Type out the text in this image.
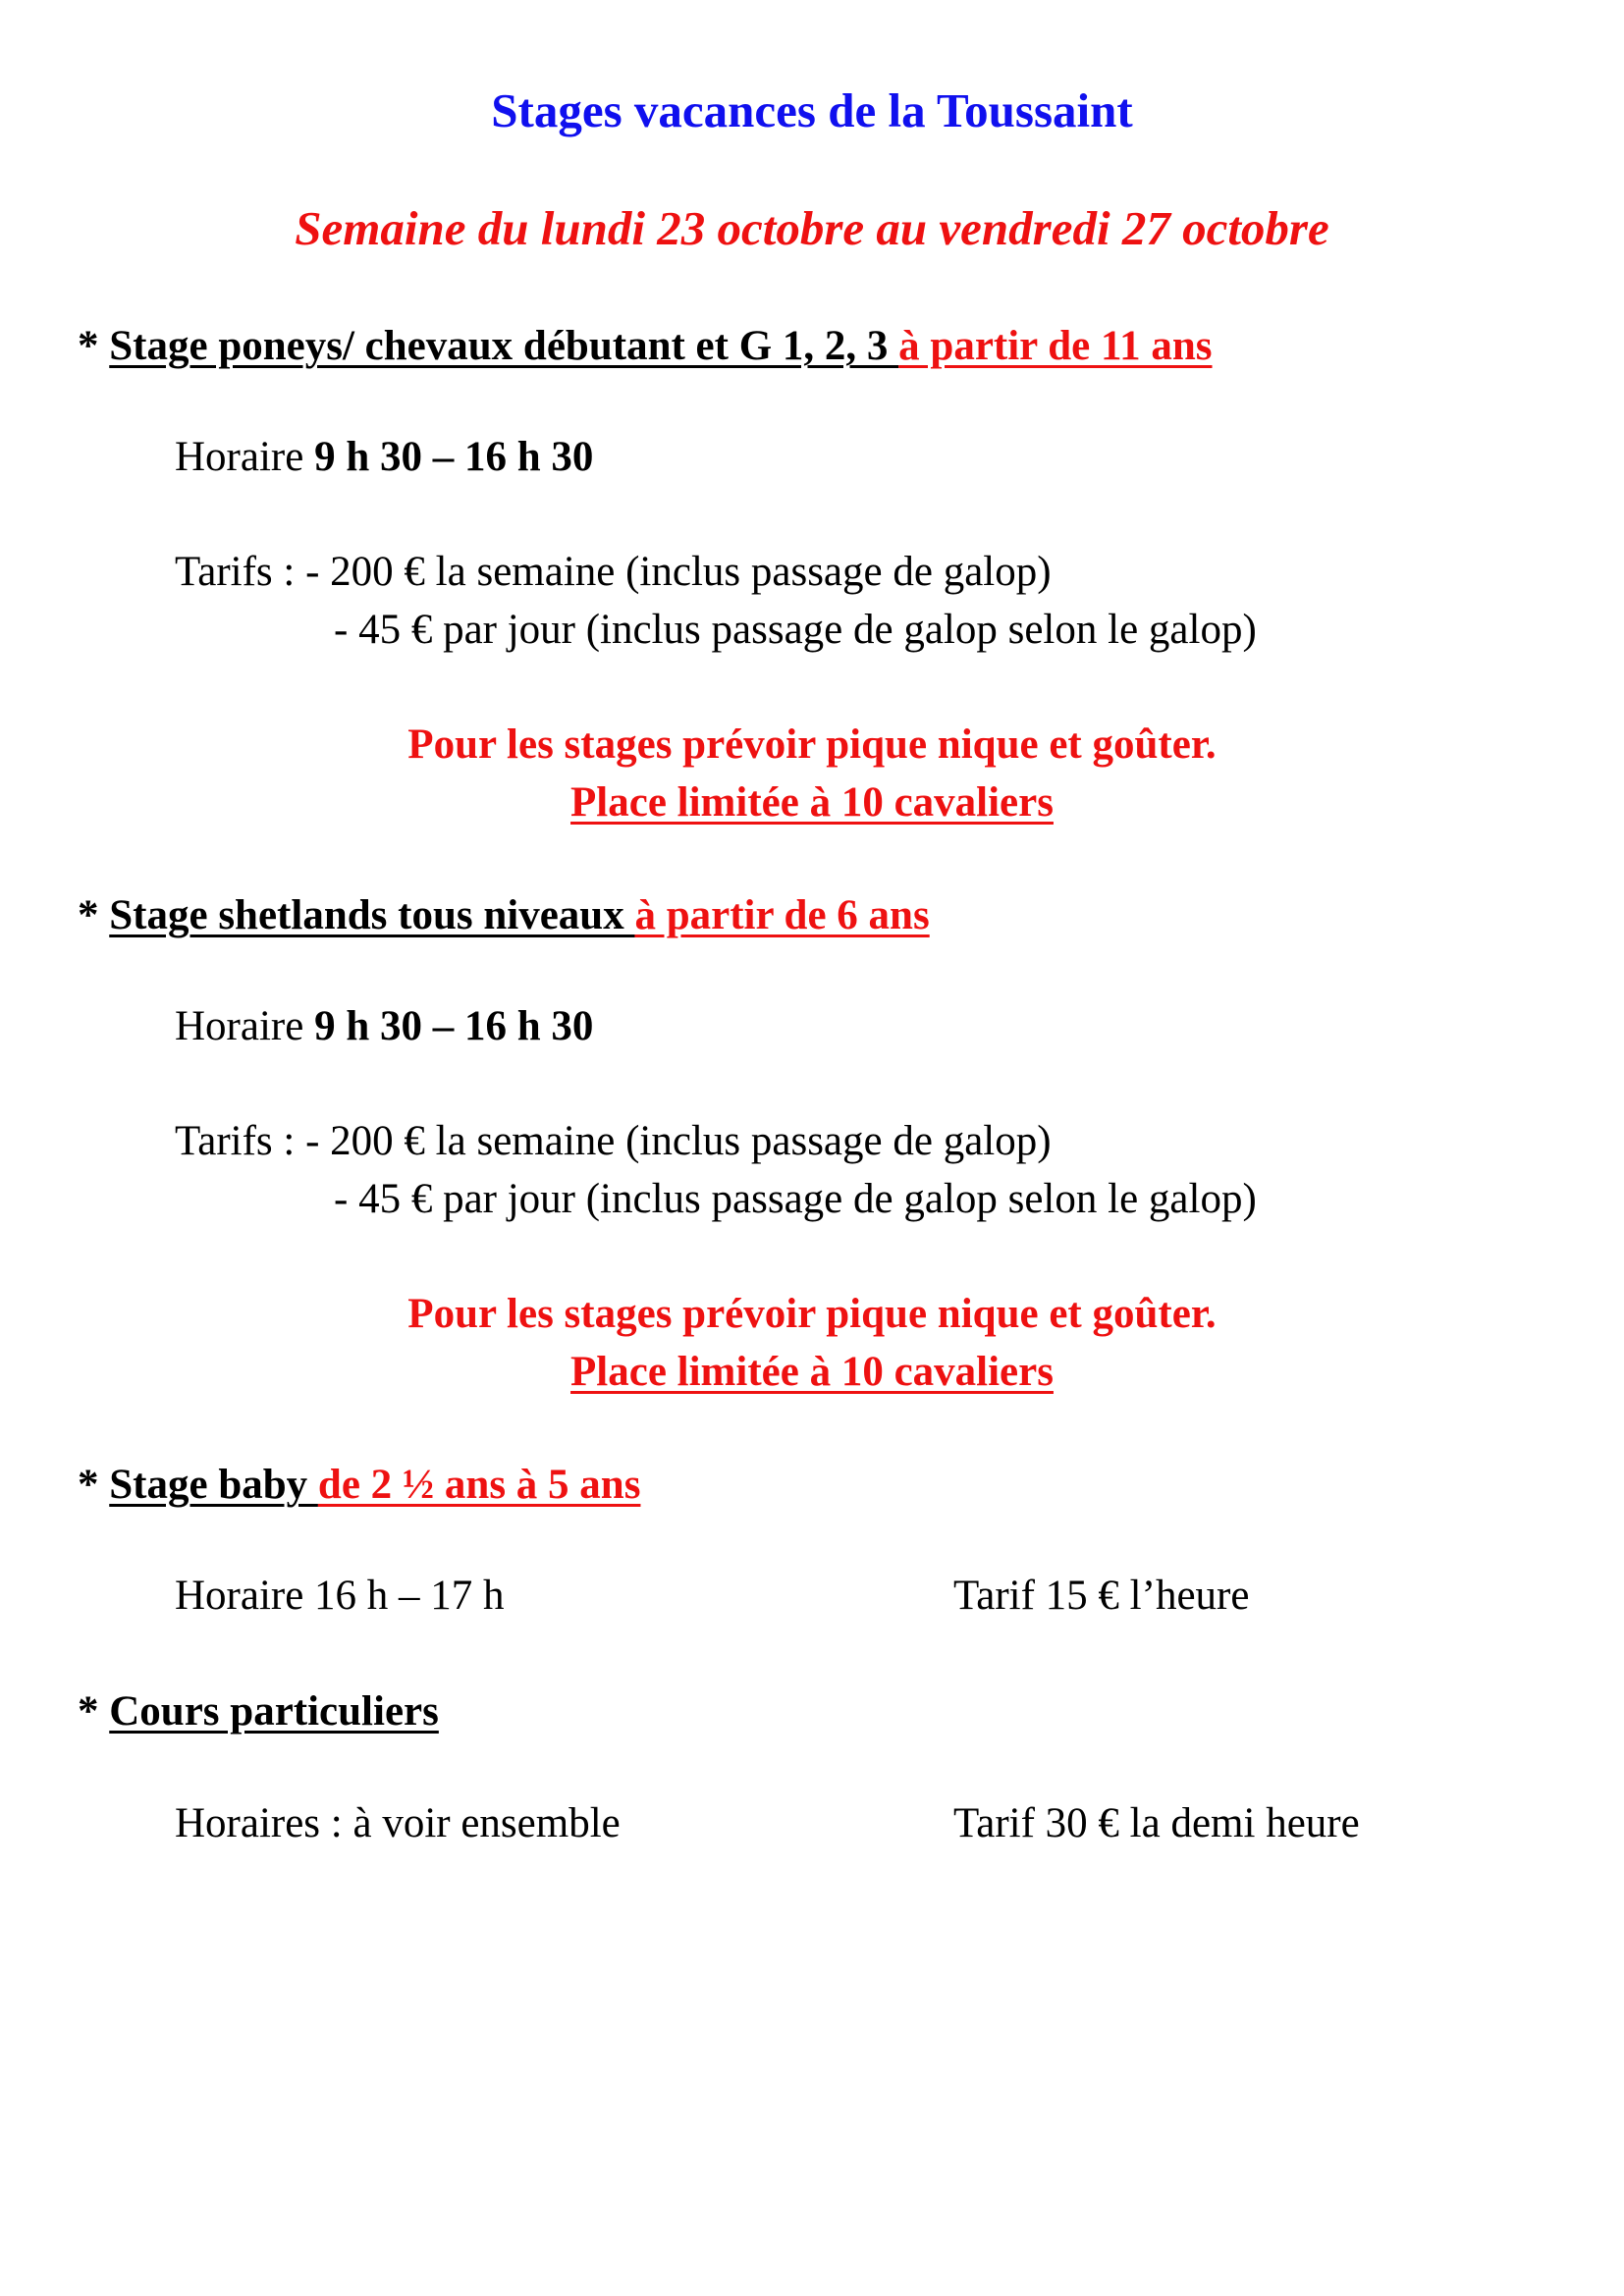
Stages vacances de la Toussaint
Semaine du lundi 23 octobre au vendredi 27 octobre
* Stage poneys/ chevaux débutant et G 1, 2, 3 à partir de 11 ans
Horaire 9 h 30 – 16 h 30
Tarifs : - 200 € la semaine (inclus passage de galop)
- 45 € par jour (inclus passage de galop selon le galop)
Pour les stages prévoir pique nique et goûter.
Place limitée à 10 cavaliers
* Stage shetlands tous niveaux à partir de 6 ans
Horaire 9 h 30 – 16 h 30
Tarifs : - 200 € la semaine (inclus passage de galop)
- 45 € par jour (inclus passage de galop selon le galop)
Pour les stages prévoir pique nique et goûter.
Place limitée à 10 cavaliers
* Stage baby de 2 ½ ans à 5 ans
Horaire 16 h – 17 h	Tarif 15 € l’heure
* Cours particuliers
Horaires : à voir ensemble	Tarif 30 € la demi heure
